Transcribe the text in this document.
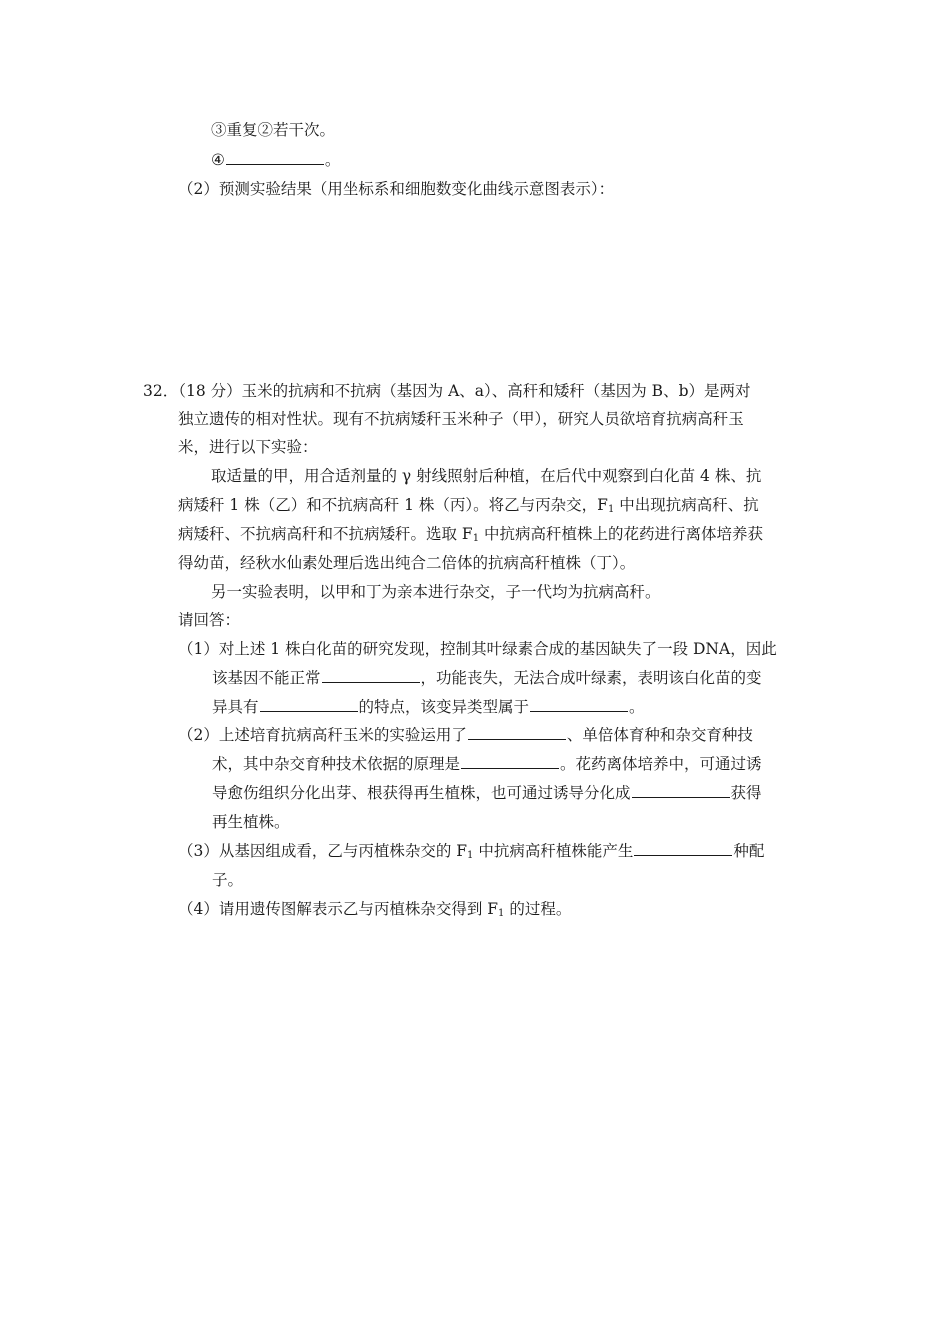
③重复②若干次。
④	。
（2）预测实验结果（用坐标系和细胞数变化曲线示意图表示）：
32．（18 分）玉米的抗病和不抗病（基因为 A、a）、高秆和矮秆（基因为 B、b）是两对
独立遗传的相对性状。现有不抗病矮秆玉米种子（甲），研究人员欲培育抗病高秆玉
米，进行以下实验：
取适量的甲，用合适剂量的 γ 射线照射后种植，在后代中观察到白化苗 4 株、抗
病矮秆 1 株（乙）和不抗病高秆 1 株（丙）。将乙与丙杂交，$F_1$ 中出现抗病高秆、抗
病矮秆、不抗病高秆和不抗病矮秆。选取 $F_1$ 中抗病高秆植株上的花药进行离体培养获
得幼苗，经秋水仙素处理后选出纯合二倍体的抗病高秆植株（丁）。
另一实验表明，以甲和丁为亲本进行杂交，子一代均为抗病高秆。
请回答：
（1）对上述 1 株白化苗的研究发现，控制其叶绿素合成的基因缺失了一段 DNA，因此
该基因不能正常	，功能丧失，无法合成叶绿素，表明该白化苗的变
异具有	的特点，该变异类型属于	。
（2）上述培育抗病高秆玉米的实验运用了	、单倍体育种和杂交育种技
术，其中杂交育种技术依据的原理是	。花药离体培养中，可通过诱
导愈伤组织分化出芽、根获得再生植株，也可通过诱导分化成	获得
再生植株。
（3）从基因组成看，乙与丙植株杂交的 $F_1$ 中抗病高秆植株能产生	种配
子。
（4）请用遗传图解表示乙与丙植株杂交得到 $F_1$ 的过程。
